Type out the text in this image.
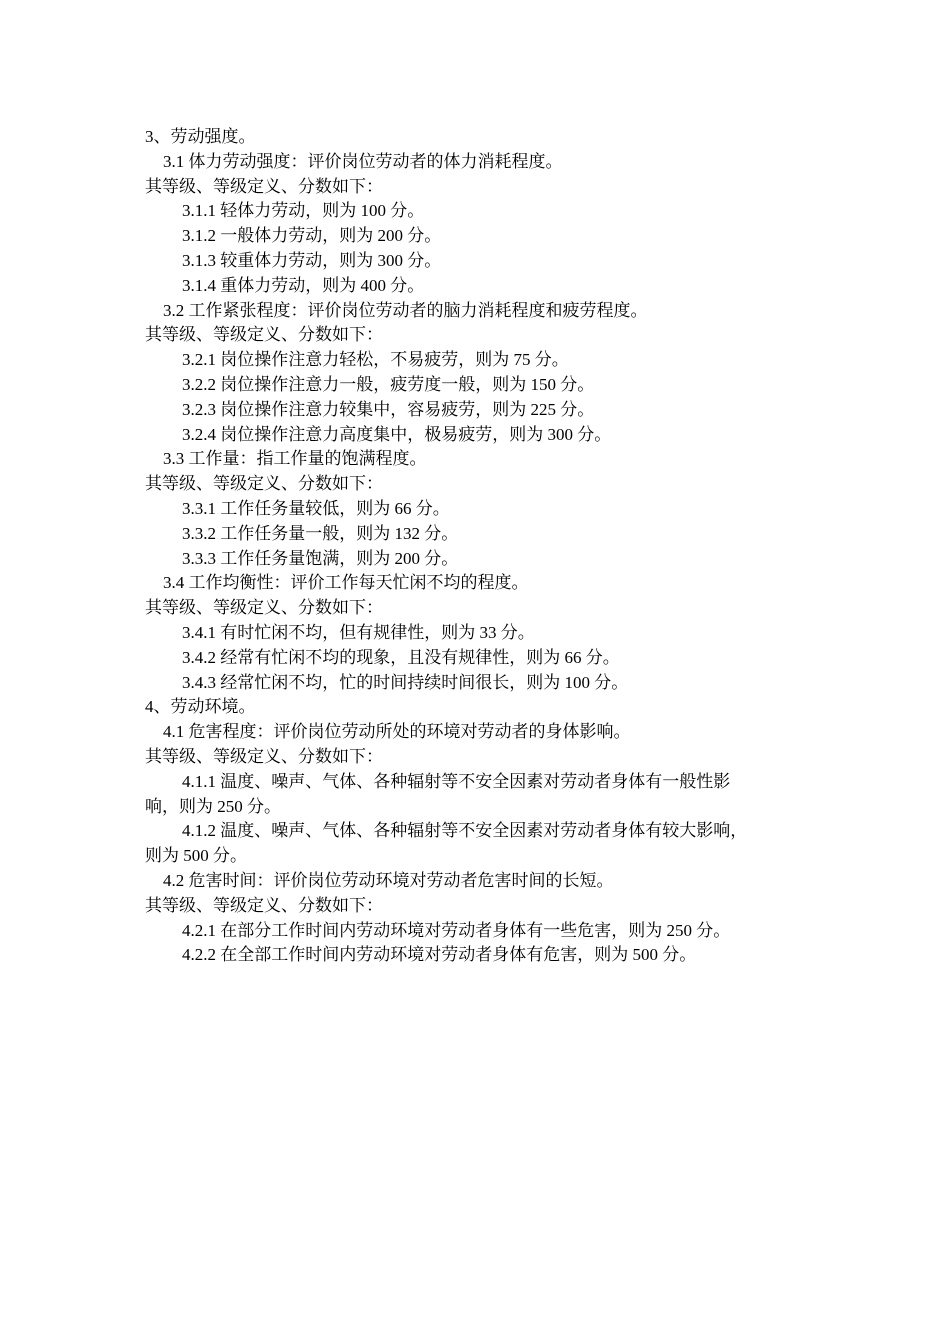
3、劳动强度。

3.1 体力劳动强度：评价岗位劳动者的体力消耗程度。

其等级、等级定义、分数如下：

3.1.1 轻体力劳动，则为 100 分。

3.1.2 一般体力劳动，则为 200 分。

3.1.3 较重体力劳动，则为 300 分。

3.1.4 重体力劳动，则为 400 分。

3.2 工作紧张程度：评价岗位劳动者的脑力消耗程度和疲劳程度。

其等级、等级定义、分数如下：

3.2.1 岗位操作注意力轻松，不易疲劳，则为 75 分。

3.2.2 岗位操作注意力一般，疲劳度一般，则为 150 分。

3.2.3 岗位操作注意力较集中，容易疲劳，则为 225 分。

3.2.4 岗位操作注意力高度集中，极易疲劳，则为 300 分。

3.3 工作量：指工作量的饱满程度。

其等级、等级定义、分数如下：

3.3.1 工作任务量较低，则为 66 分。

3.3.2 工作任务量一般，则为 132 分。

3.3.3 工作任务量饱满，则为 200 分。

3.4 工作均衡性：评价工作每天忙闲不均的程度。

其等级、等级定义、分数如下：

3.4.1 有时忙闲不均，但有规律性，则为 33 分。

3.4.2 经常有忙闲不均的现象，且没有规律性，则为 66 分。

3.4.3 经常忙闲不均，忙的时间持续时间很长，则为 100 分。

4、劳动环境。

4.1 危害程度：评价岗位劳动所处的环境对劳动者的身体影响。

其等级、等级定义、分数如下：

4.1.1 温度、噪声、气体、各种辐射等不安全因素对劳动者身体有一般性影
响，则为 250 分。
4.1.2 温度、噪声、气体、各种辐射等不安全因素对劳动者身体有较大影响，
则为 500 分。

4.2 危害时间：评价岗位劳动环境对劳动者危害时间的长短。

其等级、等级定义、分数如下：

4.2.1 在部分工作时间内劳动环境对劳动者身体有一些危害，则为 250 分。

4.2.2 在全部工作时间内劳动环境对劳动者身体有危害，则为 500 分。
